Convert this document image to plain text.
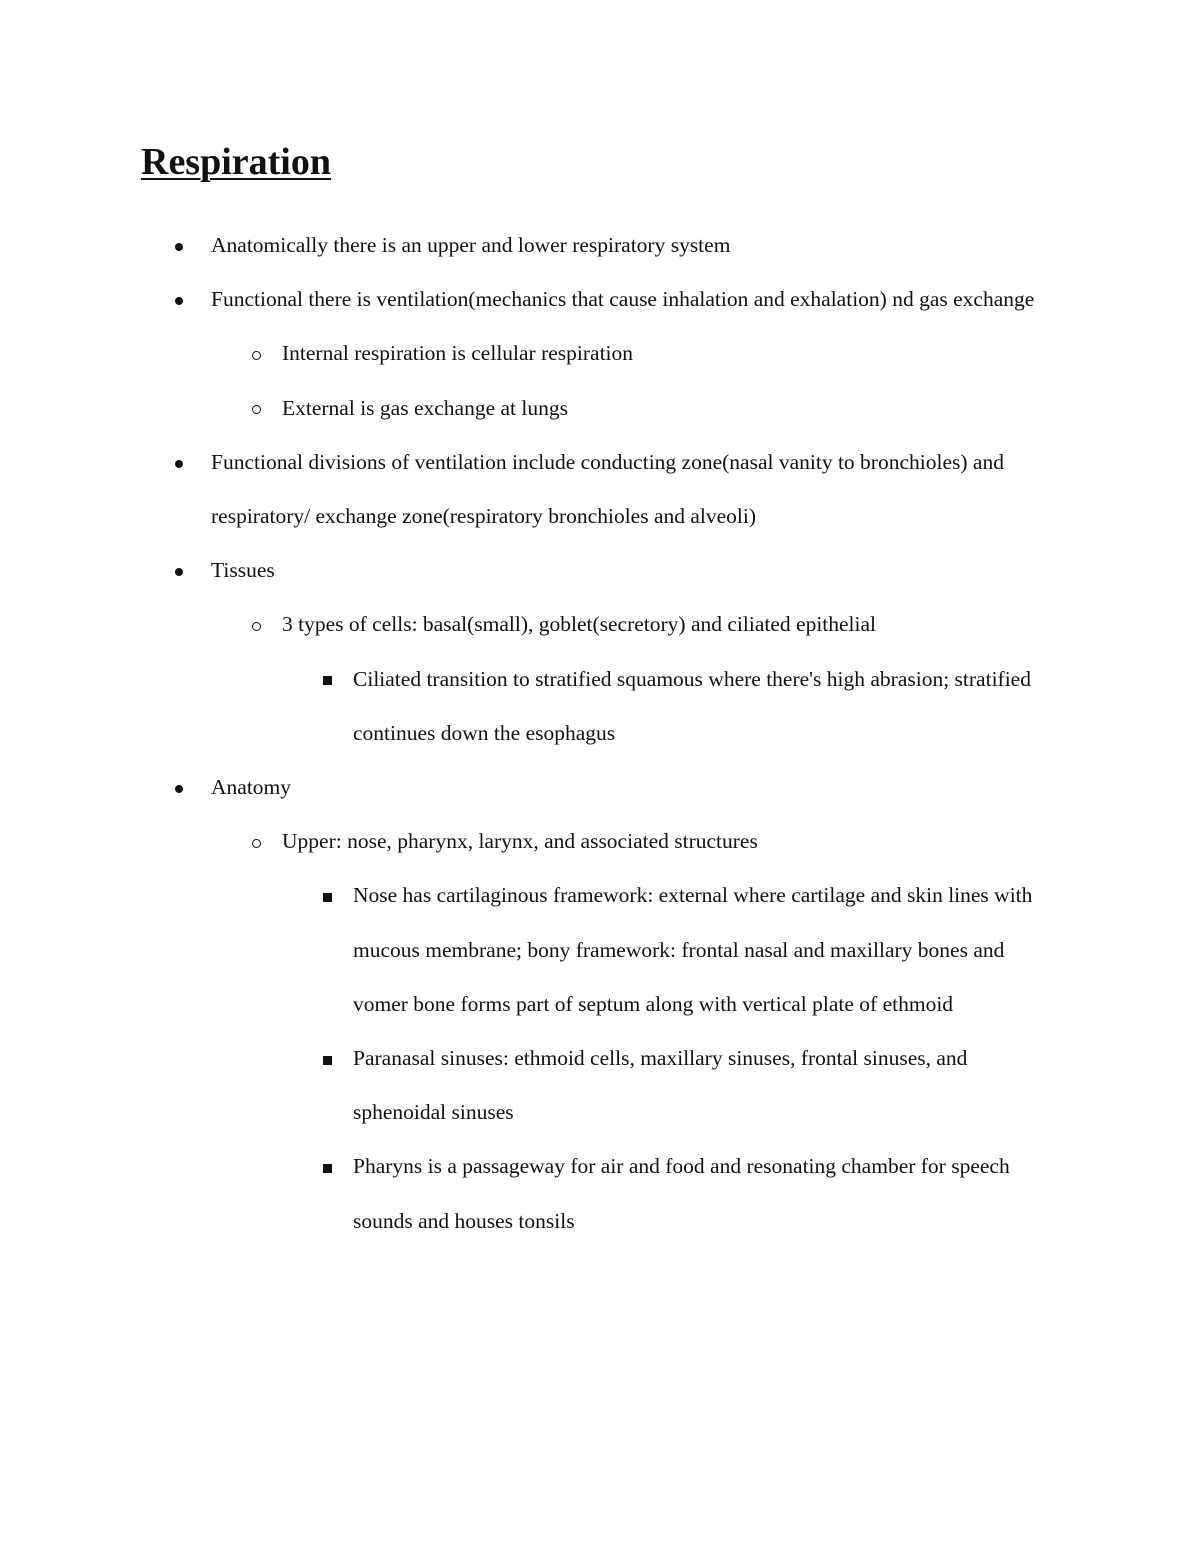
Respiration
Anatomically there is an upper and lower respiratory system
Functional there is ventilation(mechanics that cause inhalation and exhalation) nd gas exchange
Internal respiration is cellular respiration
External is gas exchange at lungs
Functional divisions of ventilation include conducting zone(nasal vanity to bronchioles) and respiratory/ exchange zone(respiratory bronchioles and alveoli)
Tissues
3 types of cells: basal(small), goblet(secretory) and ciliated epithelial
Ciliated transition to stratified squamous where there's high abrasion; stratified continues down the esophagus
Anatomy
Upper: nose, pharynx, larynx, and associated structures
Nose has cartilaginous framework: external where cartilage and skin lines with mucous membrane; bony framework: frontal nasal and maxillary bones and vomer bone forms part of septum along with vertical plate of ethmoid
Paranasal sinuses: ethmoid cells, maxillary sinuses, frontal sinuses, and sphenoidal sinuses
Pharyns is a passageway for air and food and resonating chamber for speech sounds and houses tonsils
